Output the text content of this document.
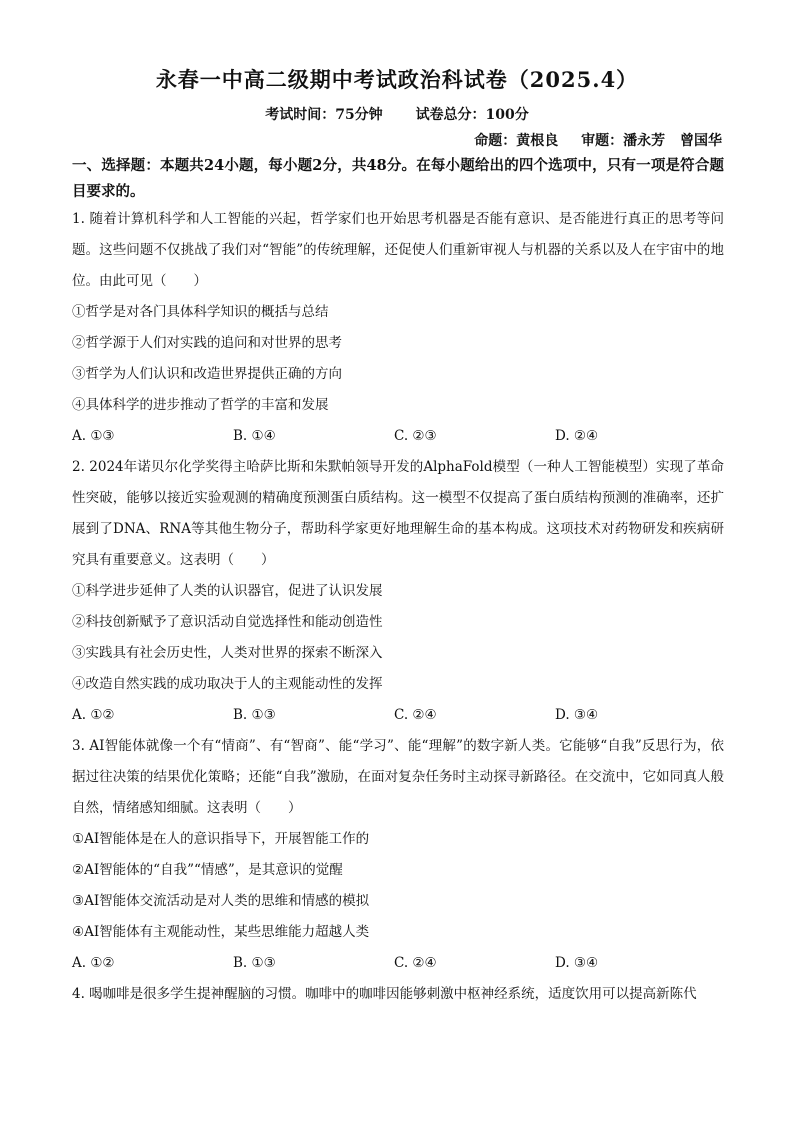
永春一中高二级期中考试政治科试卷（2025.4）
考试时间：75分钟 试卷总分：100分
命题：黄根良 审题：潘永芳 曾国华
一、选择题：本题共24小题，每小题2分，共48分。在每小题给出的四个选项中，只有一项是符合题目要求的。

1. 随着计算机科学和人工智能的兴起，哲学家们也开始思考机器是否能有意识、是否能进行真正的思考等问题。这些问题不仅挑战了我们对“智能”的传统理解，还促使人们重新审视人与机器的关系以及人在宇宙中的地位。由此可见（　　）

①哲学是对各门具体科学知识的概括与总结

②哲学源于人们对实践的追问和对世界的思考

③哲学为人们认识和改造世界提供正确的方向

④具体科学的进步推动了哲学的丰富和发展

A. ①③	B. ①④	C. ②③	D. ②④

2. 2024年诺贝尔化学奖得主哈萨比斯和朱默帕领导开发的AlphaFold模型（一种人工智能模型）实现了革命性突破，能够以接近实验观测的精确度预测蛋白质结构。这一模型不仅提高了蛋白质结构预测的准确率，还扩展到了DNA、RNA等其他生物分子，帮助科学家更好地理解生命的基本构成。这项技术对药物研发和疾病研究具有重要意义。这表明（　　）

①科学进步延伸了人类的认识器官，促进了认识发展

②科技创新赋予了意识活动自觉选择性和能动创造性

③实践具有社会历史性，人类对世界的探索不断深入

④改造自然实践的成功取决于人的主观能动性的发挥

A. ①②	B. ①③	C. ②④	D. ③④

3. AI智能体就像一个有“情商”、有“智商”、能“学习”、能“理解”的数字新人类。它能够“自我”反思行为，依据过往决策的结果优化策略；还能“自我”激励，在面对复杂任务时主动探寻新路径。在交流中，它如同真人般自然，情绪感知细腻。这表明（　　）

①AI智能体是在人的意识指导下，开展智能工作的

②AI智能体的“自我”“情感”，是其意识的觉醒

③AI智能体交流活动是对人类的思维和情感的模拟

④AI智能体有主观能动性，某些思维能力超越人类

A. ①②	B. ①③	C. ②④	D. ③④

4. 喝咖啡是很多学生提神醒脑的习惯。咖啡中的咖啡因能够刺激中枢神经系统，适度饮用可以提高新陈代
